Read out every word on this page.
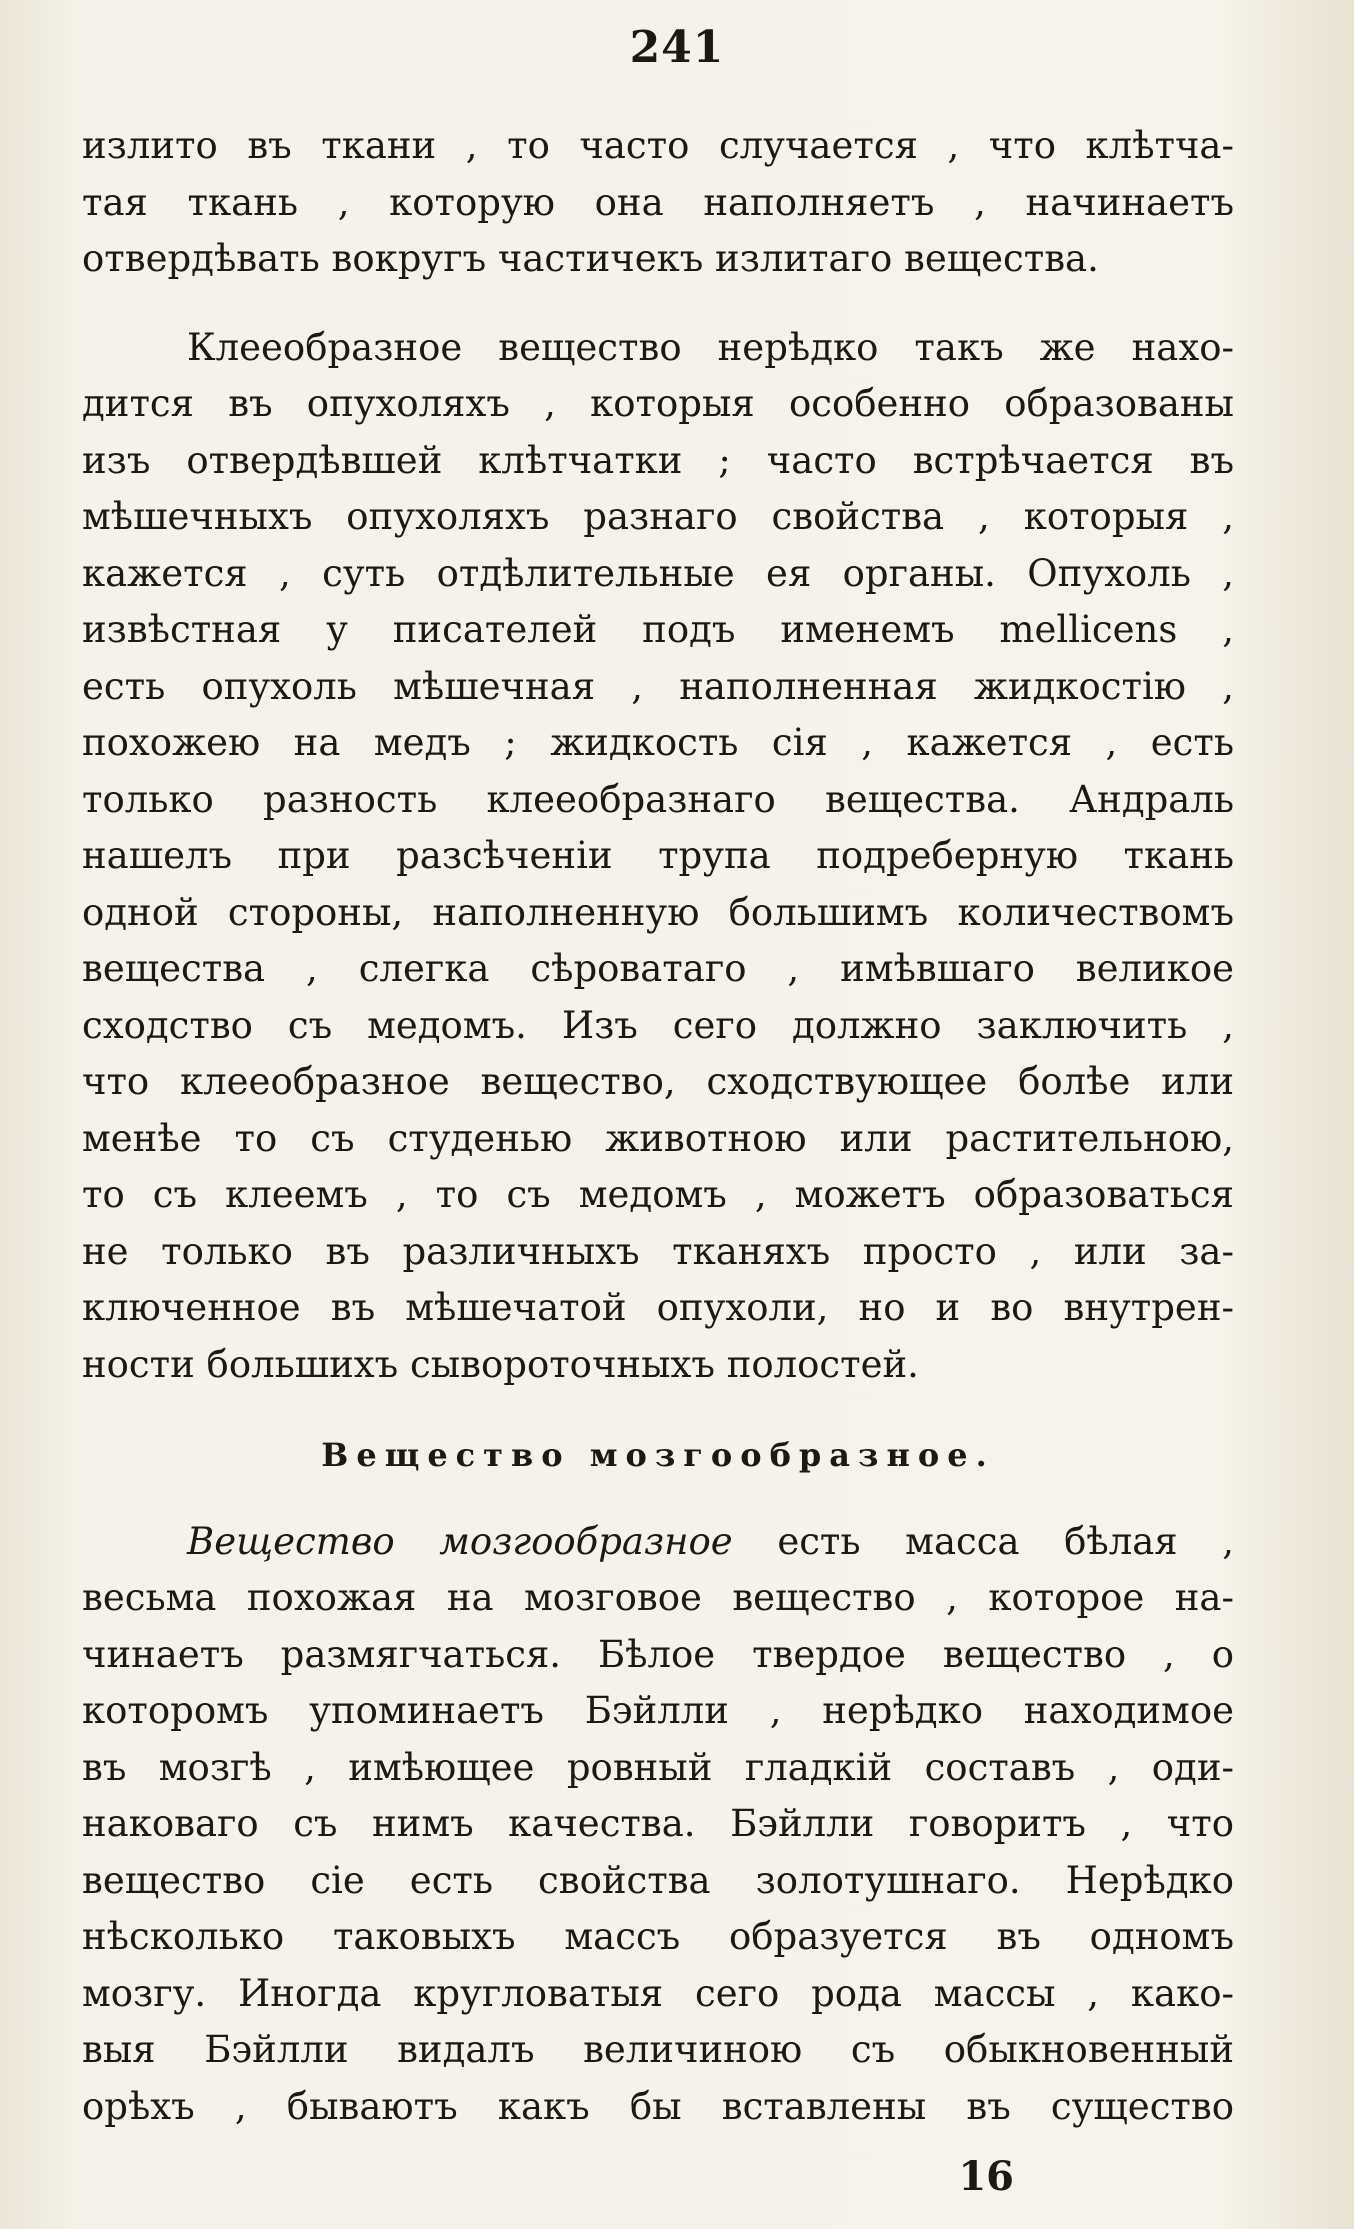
241
излито въ ткани , то часто случается , что клѣтча-
тая ткань , которую она наполняетъ , начинаетъ
отвердѣвать вокругъ частичекъ излитаго вещества.
Клееобразное вещество нерѣдко такъ же нахо-
дится въ опухоляхъ , которыя особенно образованы
изъ отвердѣвшей клѣтчатки ; часто встрѣчается въ
мѣшечныхъ опухоляхъ разнаго свойства , которыя ,
кажется , суть отдѣлительные ея органы. Опухоль ,
извѣстная у писателей подъ именемъ mellicens ,
есть опухоль мѣшечная , наполненная жидкостію ,
похожею на медъ ; жидкость сія , кажется , есть
только разность клееобразнаго вещества. Андраль
нашелъ при разсѣченіи трупа подреберную ткань
одной стороны, наполненную большимъ количествомъ
вещества , слегка сѣроватаго , имѣвшаго великое
сходство съ медомъ. Изъ сего должно заключить ,
что клееобразное вещество, сходствующее болѣе или
менѣе то съ студенью животною или растительною,
то съ клеемъ , то съ медомъ , можетъ образоваться
не только въ различныхъ тканяхъ просто , или за-
ключенное въ мѣшечатой опухоли, но и во внутрен-
ности большихъ сывороточныхъ полостей.
Вещество мозгообразное.
Вещество мозгообразное есть масса бѣлая ,
весьма похожая на мозговое вещество , которое на-
чинаетъ размягчаться. Бѣлое твердое вещество , о
которомъ упоминаетъ Бэйлли , нерѣдко находимое
въ мозгѣ , имѣющее ровный гладкій составъ , оди-
наковаго съ нимъ качества. Бэйлли говоритъ , что
вещество сіе есть свойства золотушнаго. Нерѣдко
нѣсколько таковыхъ массъ образуется въ одномъ
мозгу. Иногда кругловатыя сего рода массы , како-
выя Бэйлли видалъ величиною съ обыкновенный
орѣхъ , бываютъ какъ бы вставлены въ существо
16
